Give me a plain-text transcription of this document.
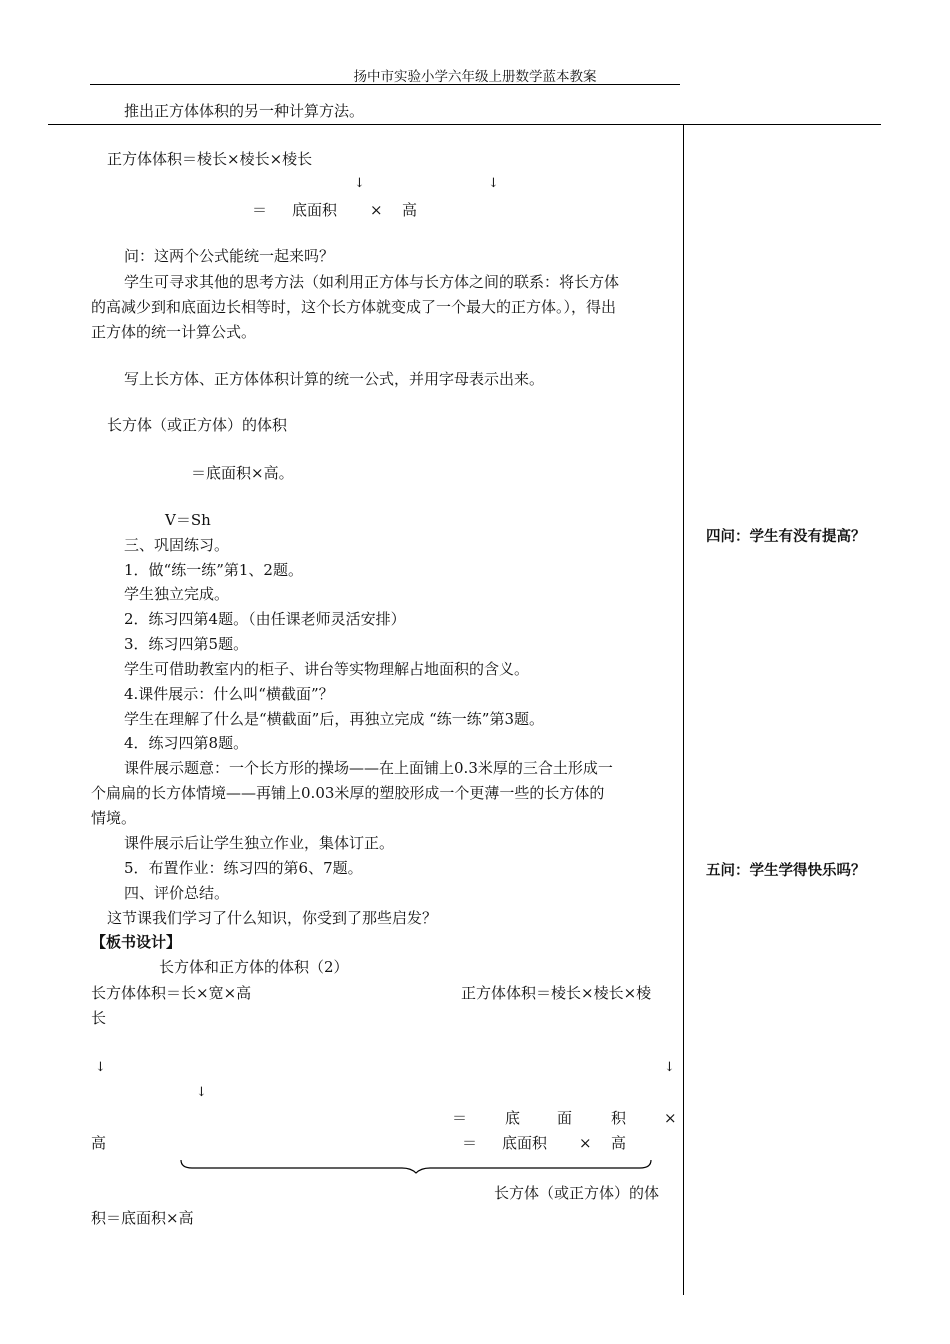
扬中市实验小学六年级上册数学蓝本教案
推出正方体体积的另一种计算方法。
正方体体积＝棱长×棱长×棱长
↓	↓
＝ 底面积 × 高
问：这两个公式能统一起来吗？
学生可寻求其他的思考方法（如利用正方体与长方体之间的联系：将长方体
的高减少到和底面边长相等时，这个长方体就变成了一个最大的正方体。），得出
正方体的统一计算公式。
写上长方体、正方体体积计算的统一公式，并用字母表示出来。
长方体（或正方体）的体积
＝底面积×高。
V＝Sh
三、巩固练习。
1．做“练一练”第1、2题。
学生独立完成。
2．练习四第4题。（由任课老师灵活安排）
3．练习四第5题。
学生可借助教室内的柜子、讲台等实物理解占地面积的含义。
4.课件展示：什么叫“横截面”？
学生在理解了什么是“横截面”后，再独立完成 “练一练”第3题。
4．练习四第8题。
课件展示题意：一个长方形的操场——在上面铺上0.3米厚的三合土形成一
个扁扁的长方体情境——再铺上0.03米厚的塑胶形成一个更薄一些的长方体的
情境。
课件展示后让学生独立作业，集体订正。
5．布置作业：练习四的第6、7题。
四、评价总结。
这节课我们学习了什么知识，你受到了那些启发？
【板书设计】
长方体和正方体的体积（2）
长方体体积＝长×宽×高	正方体体积＝棱长×棱长×棱
长
↓	↓
↓
＝	底 面	积	×
高	＝ 底面积 × 高
长方体（或正方体）的体
积＝底面积×高
四问：学生有没有提高？
五问：学生学得快乐吗？
